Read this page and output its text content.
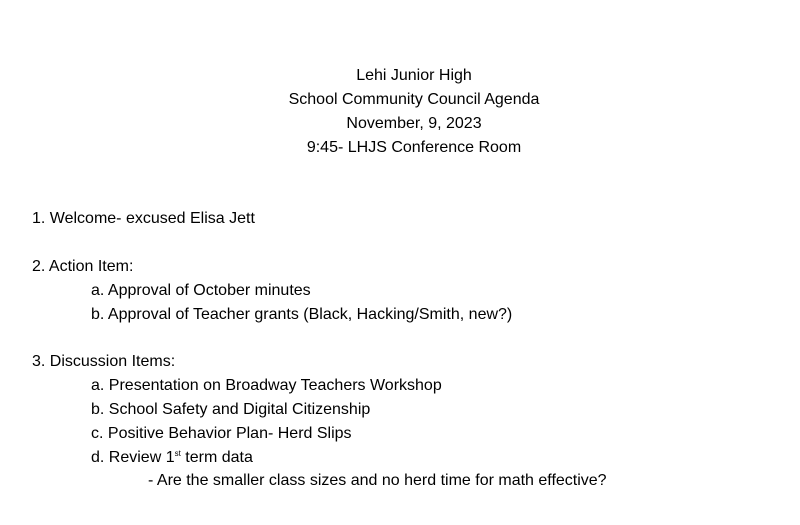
Lehi Junior High
School Community Council Agenda
November, 9, 2023
9:45- LHJS Conference Room
1. Welcome- excused Elisa Jett
2. Action Item:
a. Approval of October minutes
b. Approval of Teacher grants (Black, Hacking/Smith, new?)
3. Discussion Items:
a. Presentation on Broadway Teachers Workshop
b. School Safety and Digital Citizenship
c. Positive Behavior Plan- Herd Slips
d. Review 1st term data
- Are the smaller class sizes and no herd time for math effective?
